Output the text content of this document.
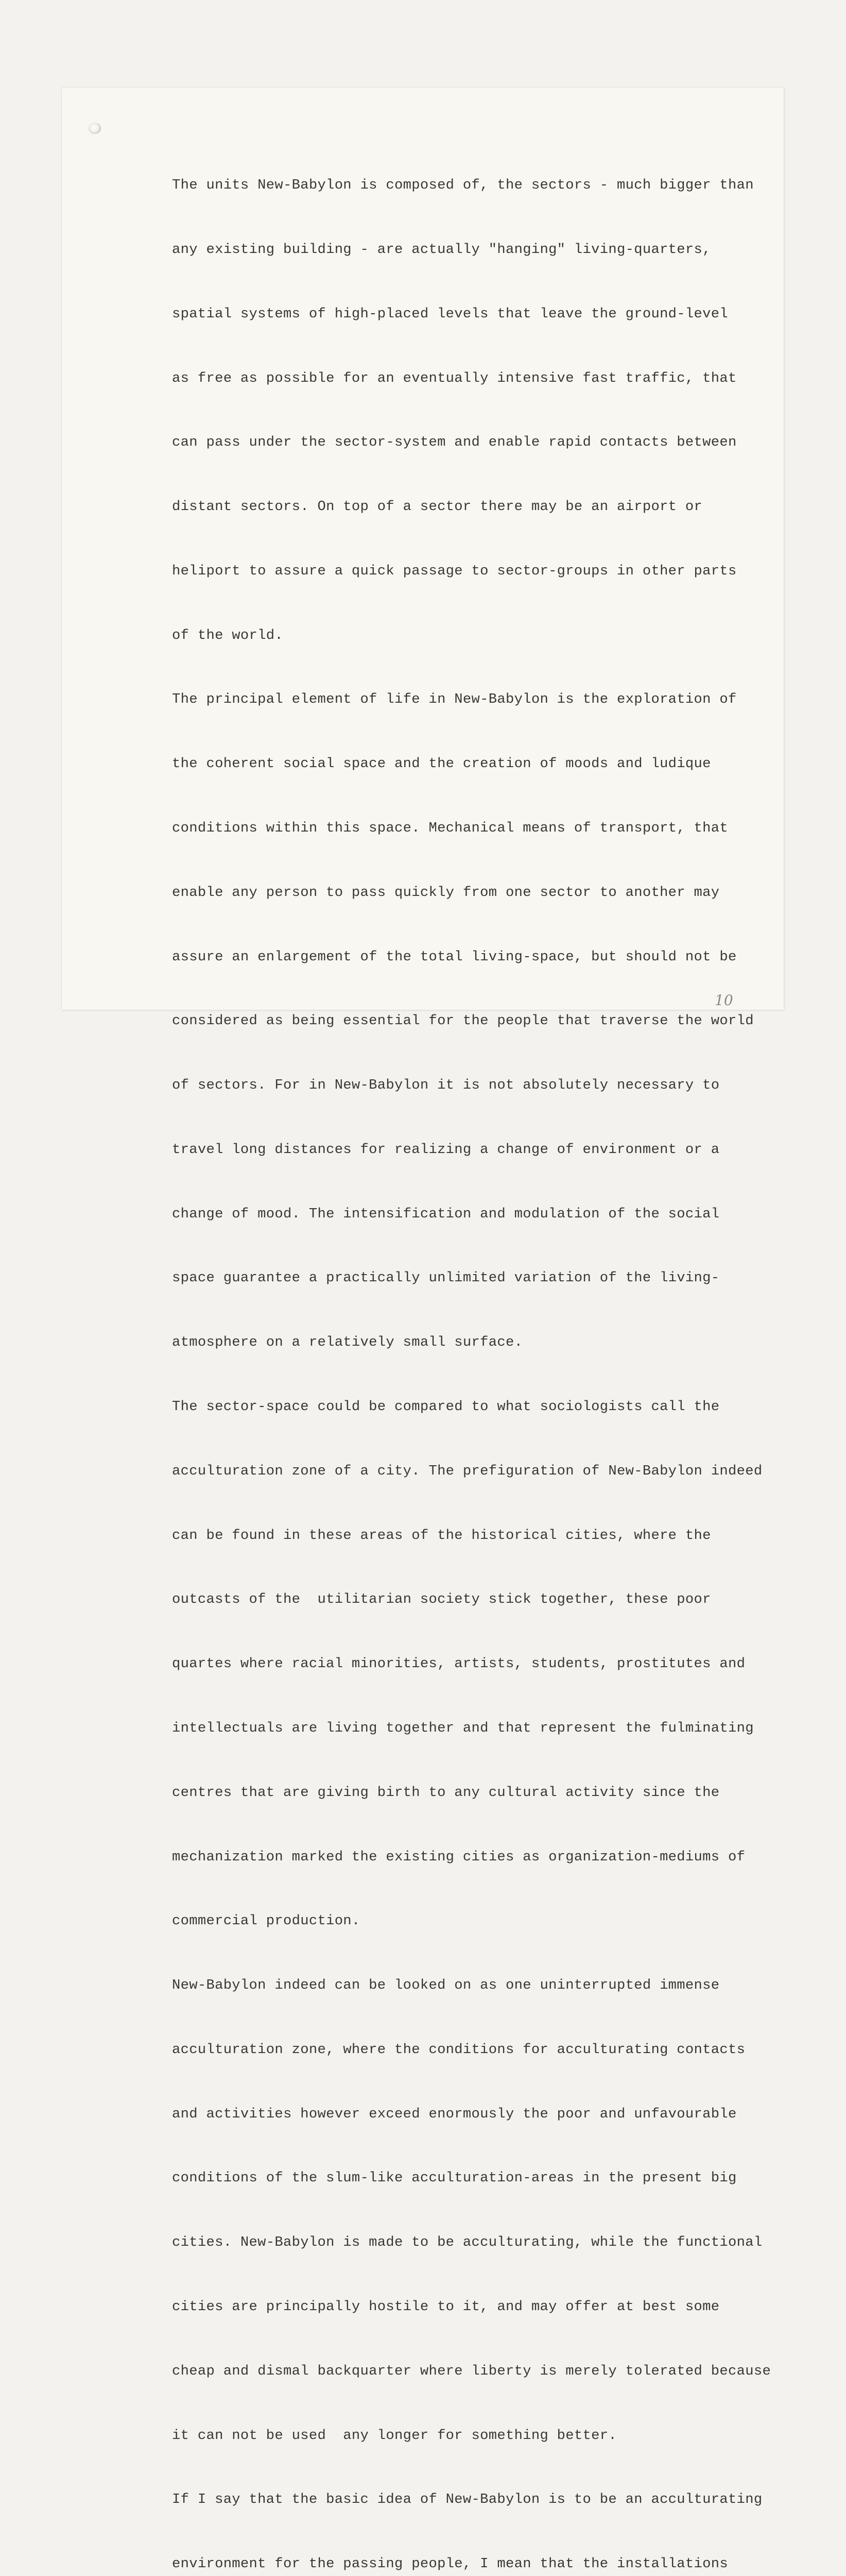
The units New-Babylon is composed of, the sectors - much bigger than

any existing building - are actually "hanging" living-quarters,

spatial systems of high-placed levels that leave the ground-level

as free as possible for an eventually intensive fast traffic, that

can pass under the sector-system and enable rapid contacts between

distant sectors. On top of a sector there may be an airport or

heliport to assure a quick passage to sector-groups in other parts

of the world.

The principal element of life in New-Babylon is the exploration of

the coherent social space and the creation of moods and ludique

conditions within this space. Mechanical means of transport, that

enable any person to pass quickly from one sector to another may

assure an enlargement of the total living-space, but should not be

considered as being essential for the people that traverse the world

of sectors. For in New-Babylon it is not absolutely necessary to

travel long distances for realizing a change of environment or a

change of mood. The intensification and modulation of the social

space guarantee a practically unlimited variation of the living-

atmosphere on a relatively small surface.

The sector-space could be compared to what sociologists call the

acculturation zone of a city. The prefiguration of New-Babylon indeed

can be found in these areas of the historical cities, where the

outcasts of the  utilitarian society stick together, these poor

quartes where racial minorities, artists, students, prostitutes and

intellectuals are living together and that represent the fulminating

centres that are giving birth to any cultural activity since the

mechanization marked the existing cities as organization-mediums of

commercial production.

New-Babylon indeed can be looked on as one uninterrupted immense

acculturation zone, where the conditions for acculturating contacts

and activities however exceed enormously the poor and unfavourable

conditions of the slum-like acculturation-areas in the present big

cities. New-Babylon is made to be acculturating, while the functional

cities are principally hostile to it, and may offer at best some

cheap and dismal backquarter where liberty is merely tolerated because

it can not be used  any longer for something better.

If I say that the basic idea of New-Babylon is to be an acculturating

environment for the passing people, I mean that the installations

10
